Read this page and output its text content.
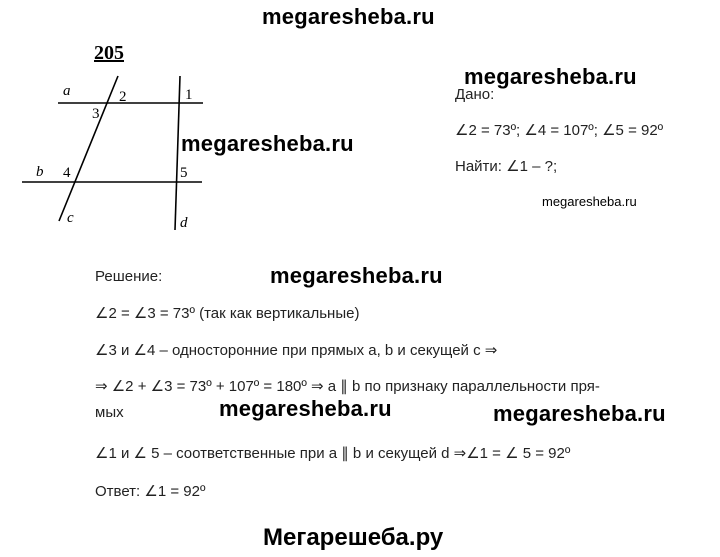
megaresheba.ru
megaresheba.ru
megaresheba.ru
megaresheba.ru
megaresheba.ru
megaresheba.ru	megaresheba.ru
Мегарешеба.ру
205
a
b
c	d
1
2
3
4	5
Дано:
∠2 = 73º; ∠4 = 107º; ∠5 = 92º
Найти: ∠1 – ?;
Решение:
∠2 = ∠3 = 73º (так как вертикальные)
∠3 и ∠4 – односторонние при прямых a, b и секущей c ⇒
⇒ ∠2 + ∠3 = 73º + 107º = 180º ⇒ a ∥ b по признаку параллельности пря-
мых
∠1 и ∠ 5 – соответственные при a ∥ b и секущей d ⇒∠1 = ∠ 5 = 92º
Ответ: ∠1 = 92º
